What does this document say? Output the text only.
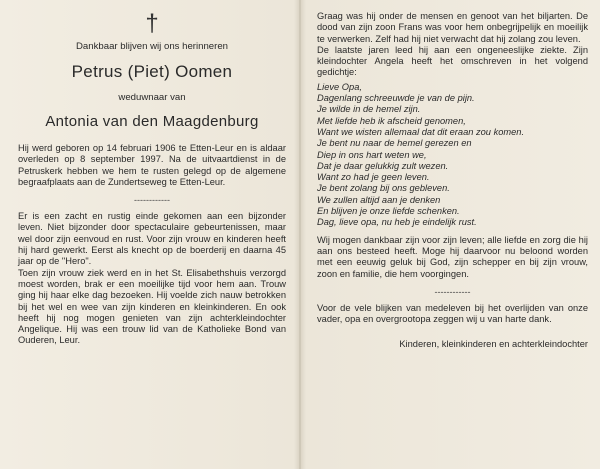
†
Dankbaar blijven wij ons herinneren
Petrus (Piet) Oomen
weduwnaar van
Antonia van den Maagdenburg

Hij werd geboren op 14 februari 1906 te Etten-Leur en is aldaar overleden op 8 september 1997. Na de uitvaartdienst in de Petruskerk hebben we hem te rusten gelegd op de algemene begraafplaats aan de Zundertseweg te Etten-Leur.

------------

Er is een zacht en rustig einde gekomen aan een bijzonder leven. Niet bijzonder door spectaculaire gebeurtenissen, maar wel door zijn eenvoud en rust. Voor zijn vrouw en kinderen heeft hij hard gewerkt. Eerst als knecht op de boerderij en daarna 45 jaar op de "Hero".

Toen zijn vrouw ziek werd en in het St. Elisabethshuis verzorgd moest worden, brak er een moeilijke tijd voor hem aan. Trouw ging hij haar elke dag bezoeken. Hij voelde zich nauw betrokken bij het wel en wee van zijn kinderen en kleinkinderen. En ook heeft hij nog mogen genieten van zijn achterkleindochter Angelique. Hij was een trouw lid van de Katholieke Bond van Ouderen, Leur.

Graag was hij onder de mensen en genoot van het biljarten. De dood van zijn zoon Frans was voor hem onbegrijpelijk en moeilijk te verwerken. Zelf had hij niet verwacht dat hij zolang zou leven.

De laatste jaren leed hij aan een ongeneeslijke ziekte. Zijn kleindochter Angela heeft het omschreven in het volgend gedichtje:

Lieve Opa,
Dagenlang schreeuwde je van de pijn.
Je wilde in de hemel zijn.
Met liefde heb ik afscheid genomen,
Want we wisten allemaal dat dit eraan zou komen.
Je bent nu naar de hemel gerezen en
Diep in ons hart weten we,
Dat je daar gelukkig zult wezen.
Want zo had je geen leven.
Je bent zolang bij ons gebleven.
We zullen altijd aan je denken
En blijven je onze liefde schenken.
Dag, lieve opa, nu heb je eindelijk rust.

Wij mogen dankbaar zijn voor zijn leven; alle liefde en zorg die hij aan ons besteed heeft. Moge hij daarvoor nu beloond worden met een eeuwig geluk bij God, zijn schepper en bij zijn vrouw, zoon en familie, die hem voorgingen.

------------

Voor de vele blijken van medeleven bij het overlijden van onze vader, opa en overgrootopa zeggen wij u van harte dank.

Kinderen, kleinkinderen en achterkleindochter
